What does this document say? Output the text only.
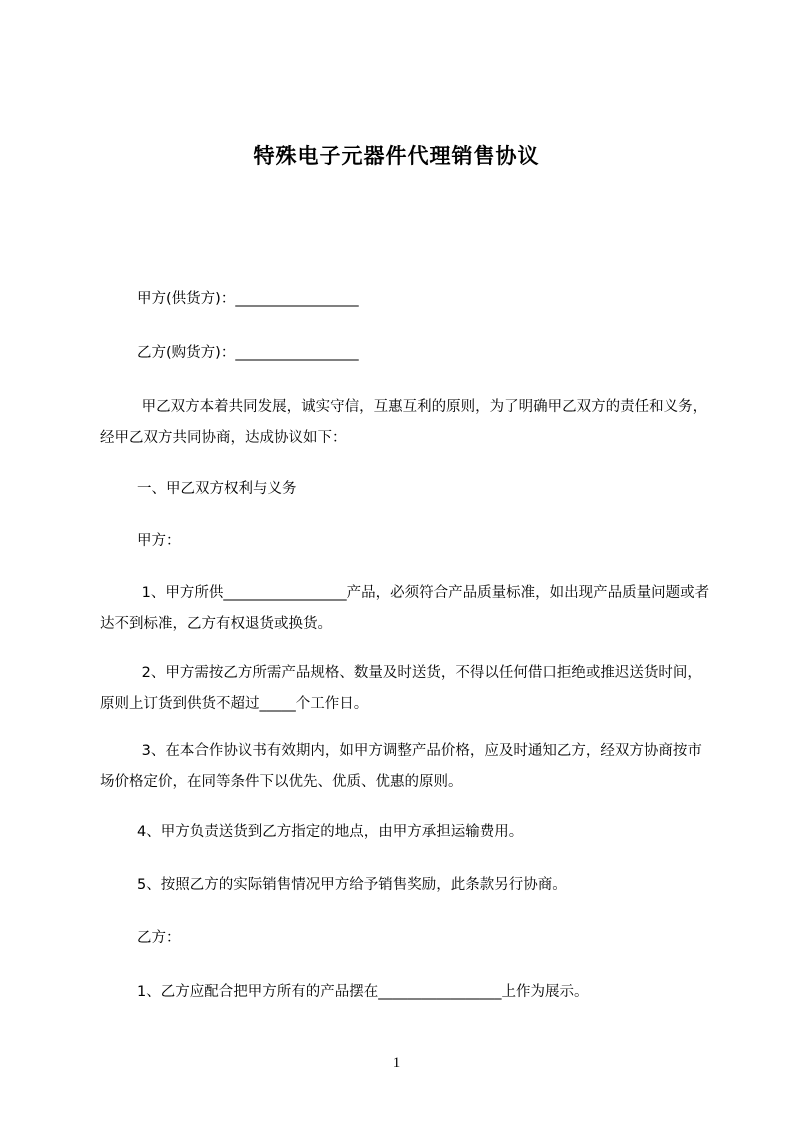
特殊电子元器件代理销售协议

甲方(供货方)：_________________

乙方(购货方)：_________________

甲乙双方本着共同发展，诚实守信，互惠互利的原则，为了明确甲乙双方的责任和义务，经甲乙双方共同协商，达成协议如下：

一、甲乙双方权利与义务

甲方：

1、甲方所供_________________产品，必须符合产品质量标准，如出现产品质量问题或者达不到标准，乙方有权退货或换货。

2、甲方需按乙方所需产品规格、数量及时送货，不得以任何借口拒绝或推迟送货时间，原则上订货到供货不超过_____个工作日。

3、在本合作协议书有效期内，如甲方调整产品价格，应及时通知乙方，经双方协商按市场价格定价，在同等条件下以优先、优质、优惠的原则。

4、甲方负责送货到乙方指定的地点，由甲方承担运输费用。

5、按照乙方的实际销售情况甲方给予销售奖励，此条款另行协商。

乙方：

1、乙方应配合把甲方所有的产品摆在_________________上作为展示。

1
